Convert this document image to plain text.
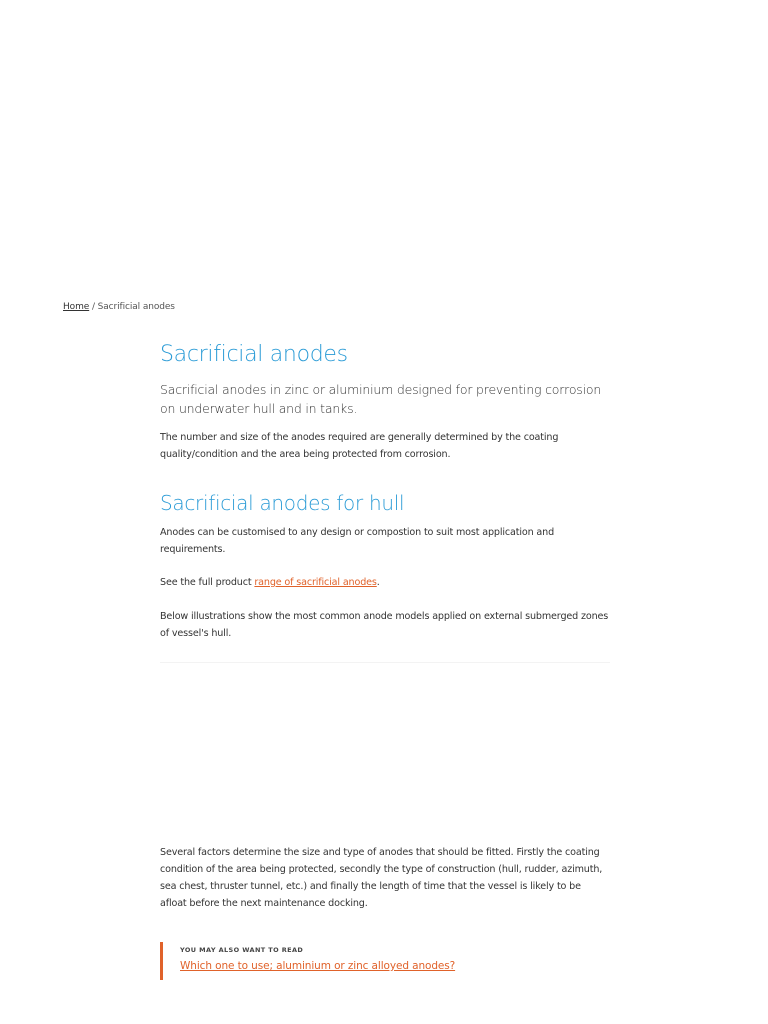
Home / Sacrificial anodes
Sacrificial anodes

Sacrificial anodes in zinc or aluminium designed for preventing corrosion on underwater hull and in tanks.

The number and size of the anodes required are generally determined by the coating quality/condition and the area being protected from corrosion.

Sacrificial anodes for hull

Anodes can be customised to any design or compostion to suit most application and requirements.

See the full product range of sacrificial anodes.

Below illustrations show the most common anode models applied on external submerged zones of vessel's hull.

Several factors determine the size and type of anodes that should be fitted. Firstly the coating condition of the area being protected, secondly the type of construction (hull, rudder, azimuth, sea chest, thruster tunnel, etc.) and finally the length of time that the vessel is likely to be afloat before the next maintenance docking.

YOU MAY ALSO WANT TO READ
Which one to use; aluminium or zinc alloyed anodes?
